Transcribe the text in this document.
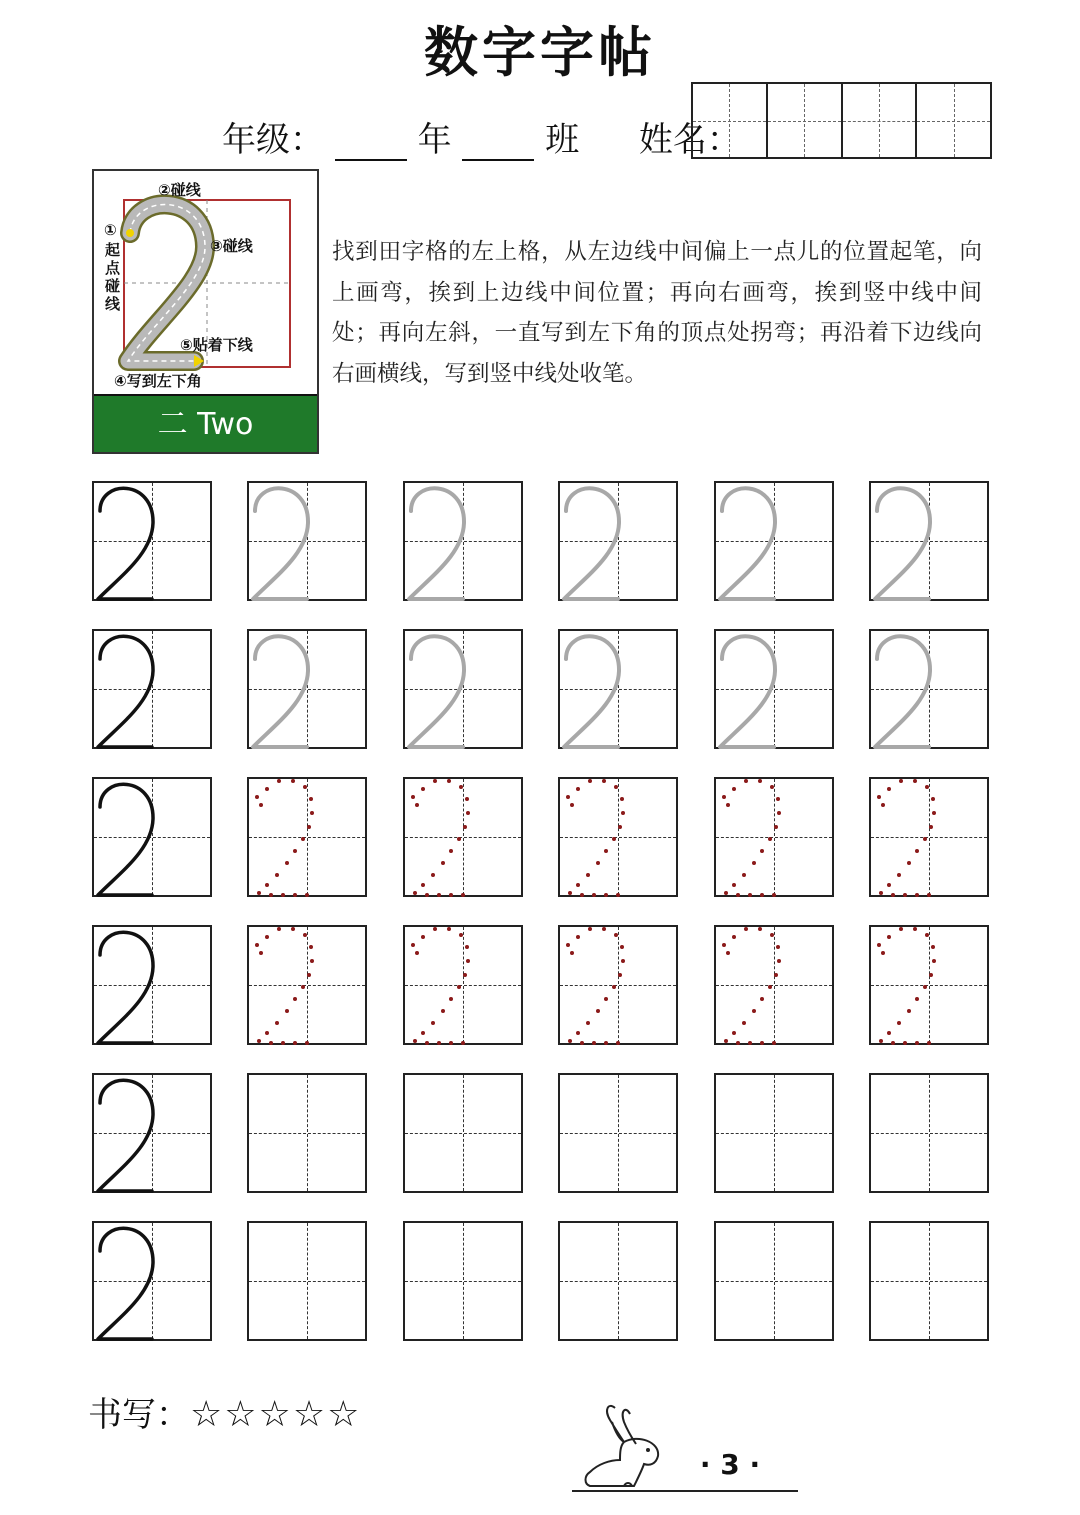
数字字帖
年级：	年	班 姓名：
②碰线
③碰线
①
起点碰线
⑤贴着下线
④写到左下角
二 Two
找到田字格的左上格，从左边线中间偏上一点儿的位置起笔，向上画弯，挨到上边线中间位置；再向右画弯，挨到竖中线中间处；再向左斜，一直写到左下角的顶点处拐弯；再沿着下边线向右画横线，写到竖中线处收笔。
书写：☆☆☆☆☆
· 3 ·
